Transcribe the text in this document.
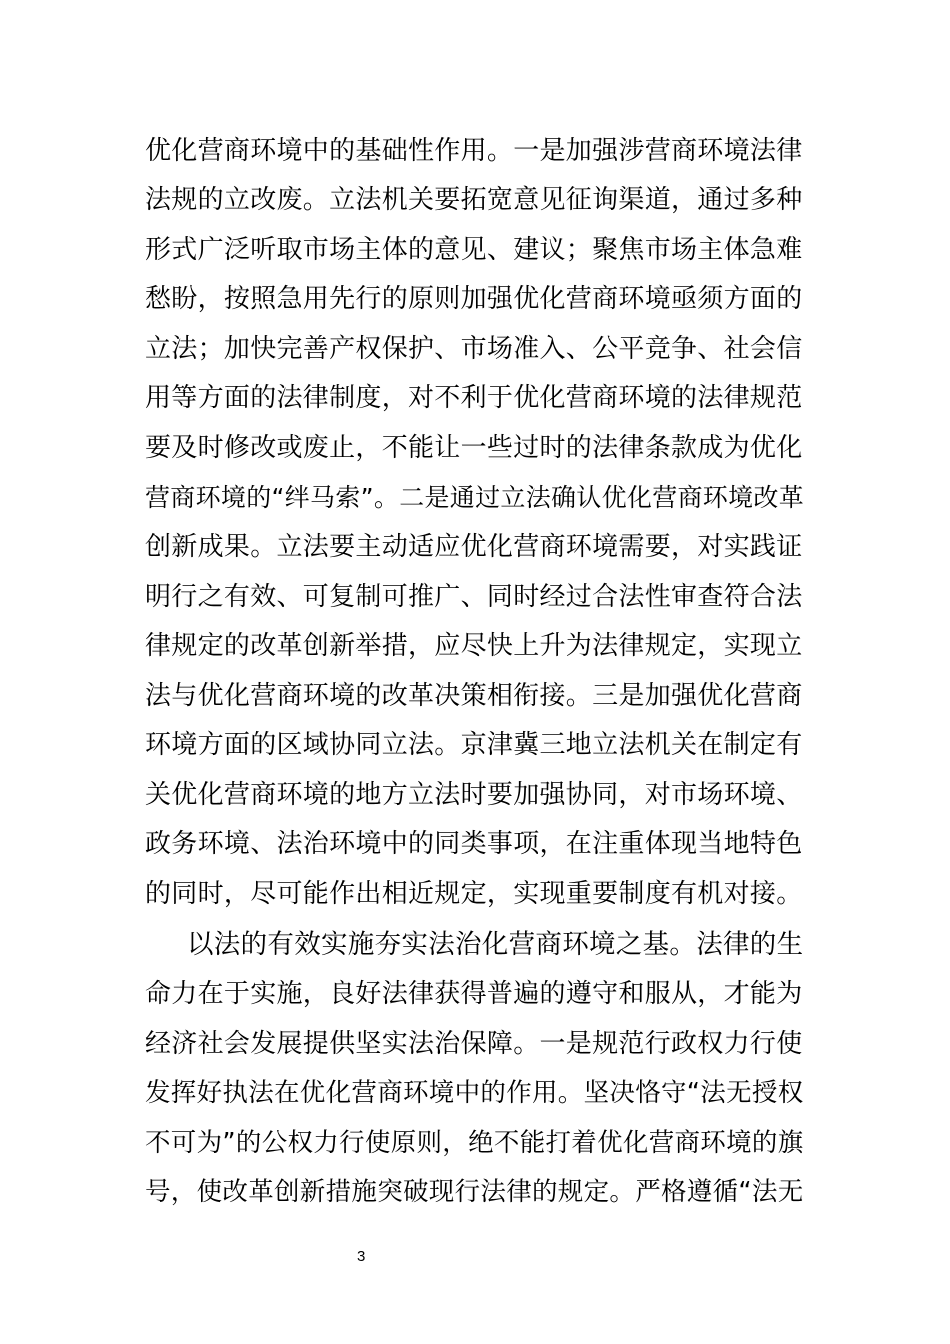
优化营商环境中的基础性作用。一是加强涉营商环境法律
法规的立改废。立法机关要拓宽意见征询渠道，通过多种
形式广泛听取市场主体的意见、建议；聚焦市场主体急难
愁盼，按照急用先行的原则加强优化营商环境亟须方面的
立法；加快完善产权保护、市场准入、公平竞争、社会信
用等方面的法律制度，对不利于优化营商环境的法律规范
要及时修改或废止，不能让一些过时的法律条款成为优化
营商环境的“绊马索”。二是通过立法确认优化营商环境改革
创新成果。立法要主动适应优化营商环境需要，对实践证
明行之有效、可复制可推广、同时经过合法性审查符合法
律规定的改革创新举措，应尽快上升为法律规定，实现立
法与优化营商环境的改革决策相衔接。三是加强优化营商
环境方面的区域协同立法。京津冀三地立法机关在制定有
关优化营商环境的地方立法时要加强协同，对市场环境、
政务环境、法治环境中的同类事项，在注重体现当地特色
的同时，尽可能作出相近规定，实现重要制度有机对接。
以法的有效实施夯实法治化营商环境之基。法律的生
命力在于实施，良好法律获得普遍的遵守和服从，才能为
经济社会发展提供坚实法治保障。一是规范行政权力行使
发挥好执法在优化营商环境中的作用。坚决恪守“法无授权
不可为”的公权力行使原则，绝不能打着优化营商环境的旗
号，使改革创新措施突破现行法律的规定。严格遵循“法无
3
